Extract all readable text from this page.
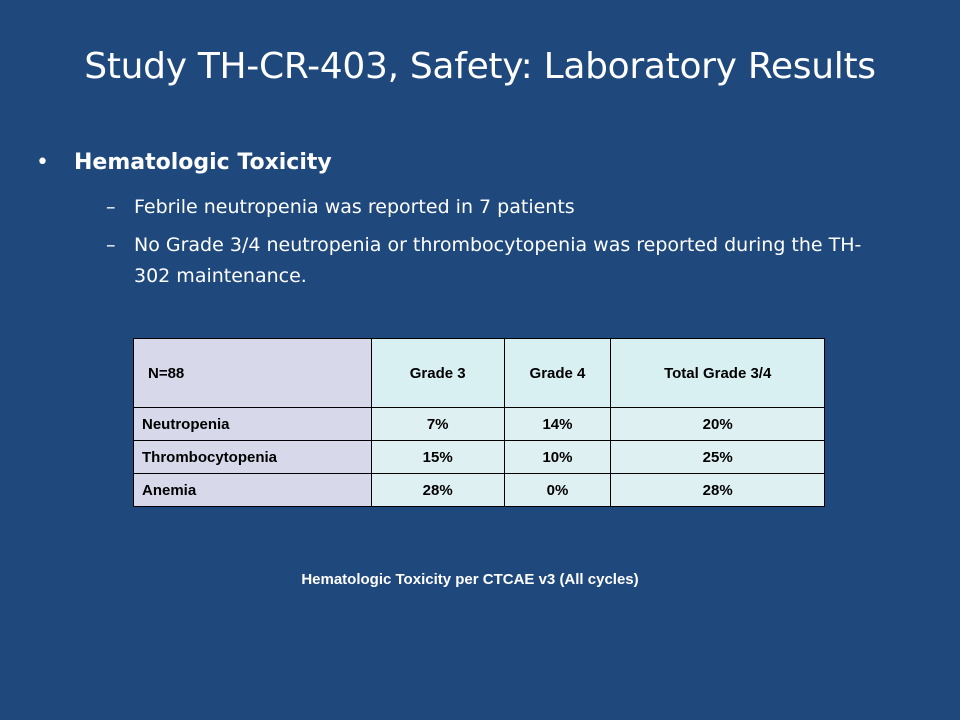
Study TH-CR-403, Safety: Laboratory Results
• Hematologic Toxicity
– Febrile neutropenia was reported in 7 patients
– No Grade 3/4 neutropenia or thrombocytopenia was reported during the TH-302 maintenance.
N=88	Grade 3	Grade 4	Total Grade 3/4
Neutropenia	7%	14%	20%
Thrombocytopenia	15%	10%	25%
Anemia	28%	0%	28%
Hematologic Toxicity per CTCAE v3 (All cycles)
